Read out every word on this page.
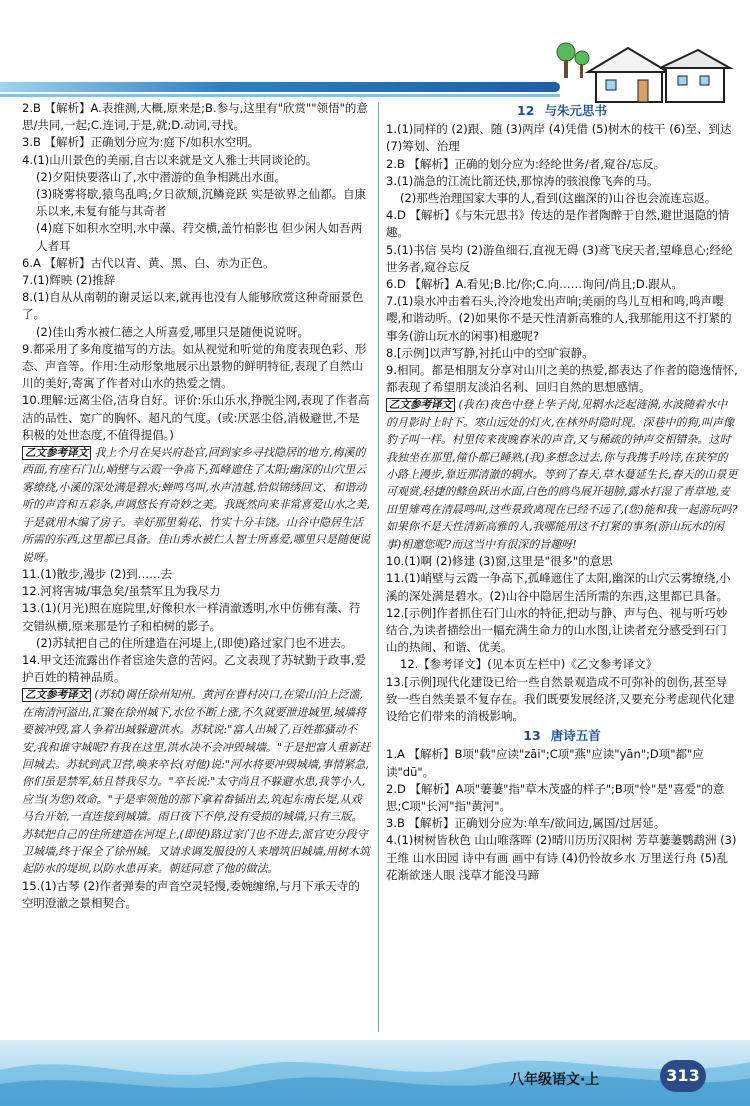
2.B 【解析】A.表推测,大概,原来是;B.参与,这里有"欣赏""领悟"的意思/共同,一起;C.连词,于是,就;D.动词,寻找。

3.B 【解析】正确划分应为:庭下/如积水空明。

4.(1)山川景色的美丽,自古以来就是文人雅士共同谈论的。

(2)夕阳快要落山了,水中潜游的鱼争相跳出水面。

(3)晓雾将歇,猿鸟乱鸣;夕日欲颓,沉鳞竞跃 实是欲界之仙都。自康乐以来,未复有能与其奇者

(4)庭下如积水空明,水中藻、荇交横,盖竹柏影也 但少闲人如吾两人者耳

6.A 【解析】古代以青、黄、黑、白、赤为正色。

7.(1)辉映 (2)推辞

8.(1)自从从南朝的谢灵运以来,就再也没有人能够欣赏这种奇丽景色了。

(2)佳山秀水被仁德之人所喜爱,哪里只是随便说说呀。

9.都采用了多角度描写的方法。如从视觉和听觉的角度表现色彩、形态、声音等。作用:生动形象地展示出景物的鲜明特征,表现了自然山川的美好,寄寓了作者对山水的热爱之情。

10.理解:远离尘俗,洁身自好。评价:乐山乐水,挣脱尘网,表现了作者高洁的品性、宽广的胸怀、超凡的气度。(或:厌恶尘俗,消极避世,不是积极的处世态度,不值得提倡。)

乙文参考译文 我上个月在吴兴府赴官,回到家乡寻找隐居的地方,梅溪的西面,有座石门山,峭壁与云霞一争高下,孤峰遮住了太阳;幽深的山穴里云雾缭绕,小溪的深处满是碧水;蝉鸣鸟叫,水声清越,恰似锦绣回文、和谐动听的声音和五彩条,声调悠长有奇妙之美。我既然向来非常喜爱山水之美,于是就用木编了房子。幸好那里菊花、竹实十分丰饶。山谷中隐居生活所需的东西,这里都已具备。佳山秀水被仁人智士所喜爱,哪里只是随便说说呀。

11.(1)散步,漫步 (2)到……去

12.河将害城/事急矣/虽禁军且为我尽力

13.(1)(月光)照在庭院里,好像积水一样清澈透明,水中仿佛有藻、荇交错纵横,原来那是竹子和柏树的影子。

(2)苏轼把自己的住所建造在河堤上,(即使)路过家门也不进去。

14.甲文还流露出作者宦途失意的苦闷。乙文表现了苏轼勤于政事,爱护百姓的精神品质。

乙文参考译文 (苏轼)调任徐州知州。黄河在曹村决口,在梁山泊上泛滥,在南清河溢出,汇聚在徐州城下,水位不断上涨,不久就要泄进城里,城墙将要被冲毁,富人争着出城躲避洪水。苏轼说:"富人出城了,百姓都骚动不安,我和谁守城呢?有我在这里,洪水决不会冲毁城墙。"于是把富人重新赶回城去。苏轼到武卫营,唤来卒长(对他)说:"河水将要冲毁城墙,事情紧急,你们虽是禁军,姑且替我尽力。"卒长说:"太守尚且不躲避水患,我等小人,应当(为您)效命。"于是率领他的部下拿着畚锸出去,筑起东南长堤,从戏马台开始,一直连接到城墙。雨日夜下不停,没有受损的城墙,只有三版。苏轼把自己的住所建造在河堤上,(即使)路过家门也不进去,派官吏分段守卫城墙,终于保全了徐州城。又请求调发服役的人来增筑旧城墙,用树木筑起防水的堤坝,以防水患再来。朝廷同意了他的做法。

15.(1)古琴 (2)作者弹奏的声音空灵轻慢,委婉缠绵,与月下承天寺的空明澄澈之景相契合。

12 与朱元思书

1.(1)同样的 (2)跟、随 (3)两岸 (4)凭借 (5)树木的枝干 (6)至、到达 (7)筹划、治理

2.B 【解析】正确的划分应为:经纶世务/者,窥谷/忘反。

3.(1)湍急的江流比箭还快,那惊涛的骇浪像飞奔的马。

(2)那些治理国家大事的人,看到(这幽深的)山谷也会流连忘返。

4.D 【解析】《与朱元思书》传达的是作者陶醉于自然,避世退隐的情趣。

5.(1)书信 吴均 (2)游鱼细石,直视无碍 (3)鸢飞戾天者,望峰息心;经纶世务者,窥谷忘反

6.D 【解析】A.看见;B.比/你;C.向……询问/尚且;D.跟从。

7.(1)泉水冲击着石头,泠泠地发出声响;美丽的鸟儿互相和鸣,鸣声嘤嘤,和谐动听。(2)如果你不是天性清新高雅的人,我那能用这不打紧的事务(游山玩水的闲事)相邀呢?

8.[示例]以声写静,衬托山中的空旷寂静。

9.相同。都是相朋友分享对山川之美的热爱,都表达了作者的隐逸情怀,都表现了希望朋友淡泊名利、回归自然的思想感情。

乙文参考译文 (我在)夜色中登上华子岗,见辋水泛起涟漪,水波随着水中的月影时上时下。寒山远处的灯火,在林外时隐时现。深巷中的狗,叫声像豹子叫一样。村里传来夜晚舂米的声音,又与稀疏的钟声交相错杂。这时我独坐在那里,僮仆都已睡熟,(我)多想念过去,你与我携手吟诗,在狭窄的小路上漫步,靠近那清澈的辋水。等到了春天,草木蔓延生长,春天的山景更可观赏,轻捷的鲦鱼跃出水面,白色的鸥鸟展开翅膀,露水打湿了青草地,麦田里雉鸡在清晨鸣叫,这些景致离现在已经不远了,(您)能和我一起游玩吗?如果你不是天性清新高雅的人,我哪能用这不打紧的事务(游山玩水的闲事)相邀您呢?而这当中有很深的旨趣呀!

10.(1)啊 (2)修建 (3)窗,这里是"很多"的意思

11.(1)峭壁与云霞一争高下,孤峰遮住了太阳,幽深的山穴云雾缭绕,小溪的深处满是碧水。(2)山谷中隐居生活所需的东西,这里都已具备。

12.[示例]作者抓住石门山水的特征,把动与静、声与色、视与听巧妙结合,为读者描绘出一幅充满生命力的山水图,让读者充分感受到石门山的热闹、和谐、优美。

12.【参考译文】(见本页左栏中)《乙文参考译文》

13.[示例]现代化建设已给一些自然景观造成不可弥补的创伤,甚至导致一些自然美景不复存在。我们既要发展经济,又要充分考虑现代化建设给它们带来的消极影响。

13 唐诗五首

1.A 【解析】B项"载"应读"zāi";C项"燕"应读"yān";D项"都"应读"dū"。

2.D 【解析】A项"萋萋"指"草木茂盛的样子";B项"怜"是"喜爱"的意思;C项"长河"指"黄河"。

3.B 【解析】正确划分应为:单车/欲问边,属国/过居延。

4.(1)树树皆秋色 山山唯落晖 (2)晴川历历汉阳树 芳草萋萋鹦鹉洲 (3)王维 山水田园 诗中有画 画中有诗 (4)仍怜故乡水 万里送行舟 (5)乱花渐欲迷人眼 浅草才能没马蹄

八年级语文·上	313
